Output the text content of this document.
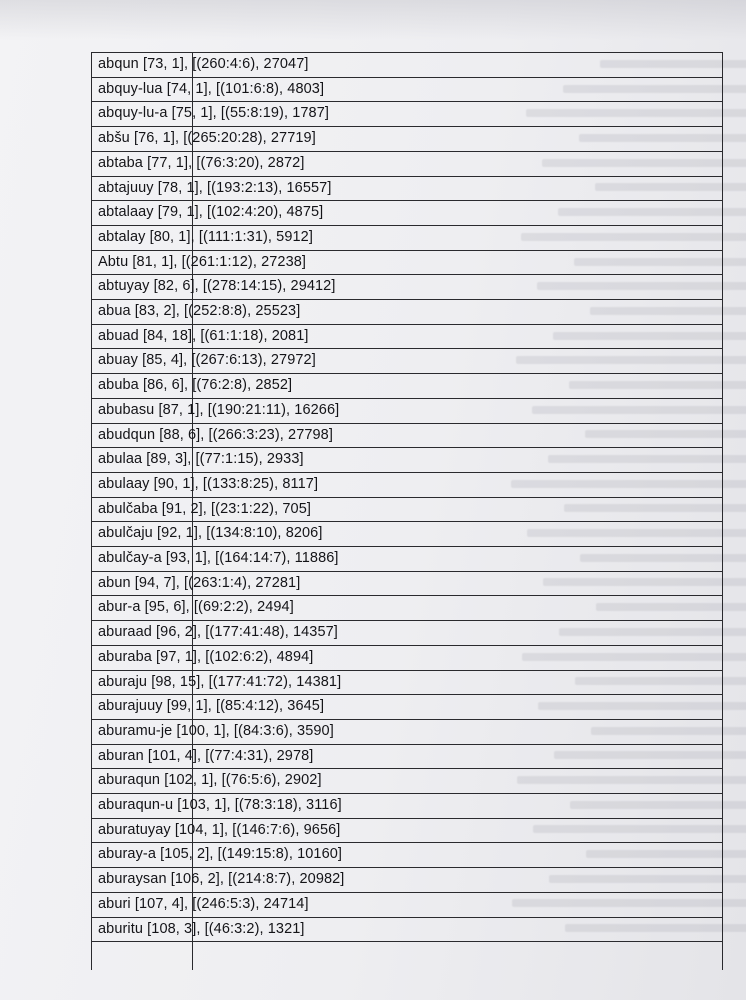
abqun [73, 1], [(260:4:6), 27047]
abquy-lua [74, 1], [(101:6:8), 4803]
abquy-lu-a [75, 1], [(55:8:19), 1787]
abšu [76, 1], [(265:20:28), 27719]
abtaba [77, 1], [(76:3:20), 2872]
abtajuuy [78, 1], [(193:2:13), 16557]
abtalaay [79, 1], [(102:4:20), 4875]
abtalay [80, 1], [(111:1:31), 5912]
Abtu [81, 1], [(261:1:12), 27238]
abtuyay [82, 6], [(278:14:15), 29412]
abua [83, 2], [(252:8:8), 25523]
abuad [84, 18], [(61:1:18), 2081]
abuay [85, 4], [(267:6:13), 27972]
abuba [86, 6], [(76:2:8), 2852]
abubasu [87, 1], [(190:21:11), 16266]
abudqun [88, 6], [(266:3:23), 27798]
abulaa [89, 3], [(77:1:15), 2933]
abulaay [90, 1], [(133:8:25), 8117]
abulčaba [91, 2], [(23:1:22), 705]
abulčaju [92, 1], [(134:8:10), 8206]
abulčay-a [93, 1], [(164:14:7), 11886]
abun [94, 7], [(263:1:4), 27281]
abur-a [95, 6], [(69:2:2), 2494]
aburaad [96, 2], [(177:41:48), 14357]
aburaba [97, 1], [(102:6:2), 4894]
aburaju [98, 15], [(177:41:72), 14381]
aburajuuy [99, 1], [(85:4:12), 3645]
aburamu-je [100, 1], [(84:3:6), 3590]
aburan [101, 4], [(77:4:31), 2978]
aburaqun [102, 1], [(76:5:6), 2902]
aburaqun-u [103, 1], [(78:3:18), 3116]
aburatuyay [104, 1], [(146:7:6), 9656]
aburay-a [105, 2], [(149:15:8), 10160]
aburaysan [106, 2], [(214:8:7), 20982]
aburi [107, 4], [(246:5:3), 24714]
aburitu [108, 3], [(46:3:2), 1321]
